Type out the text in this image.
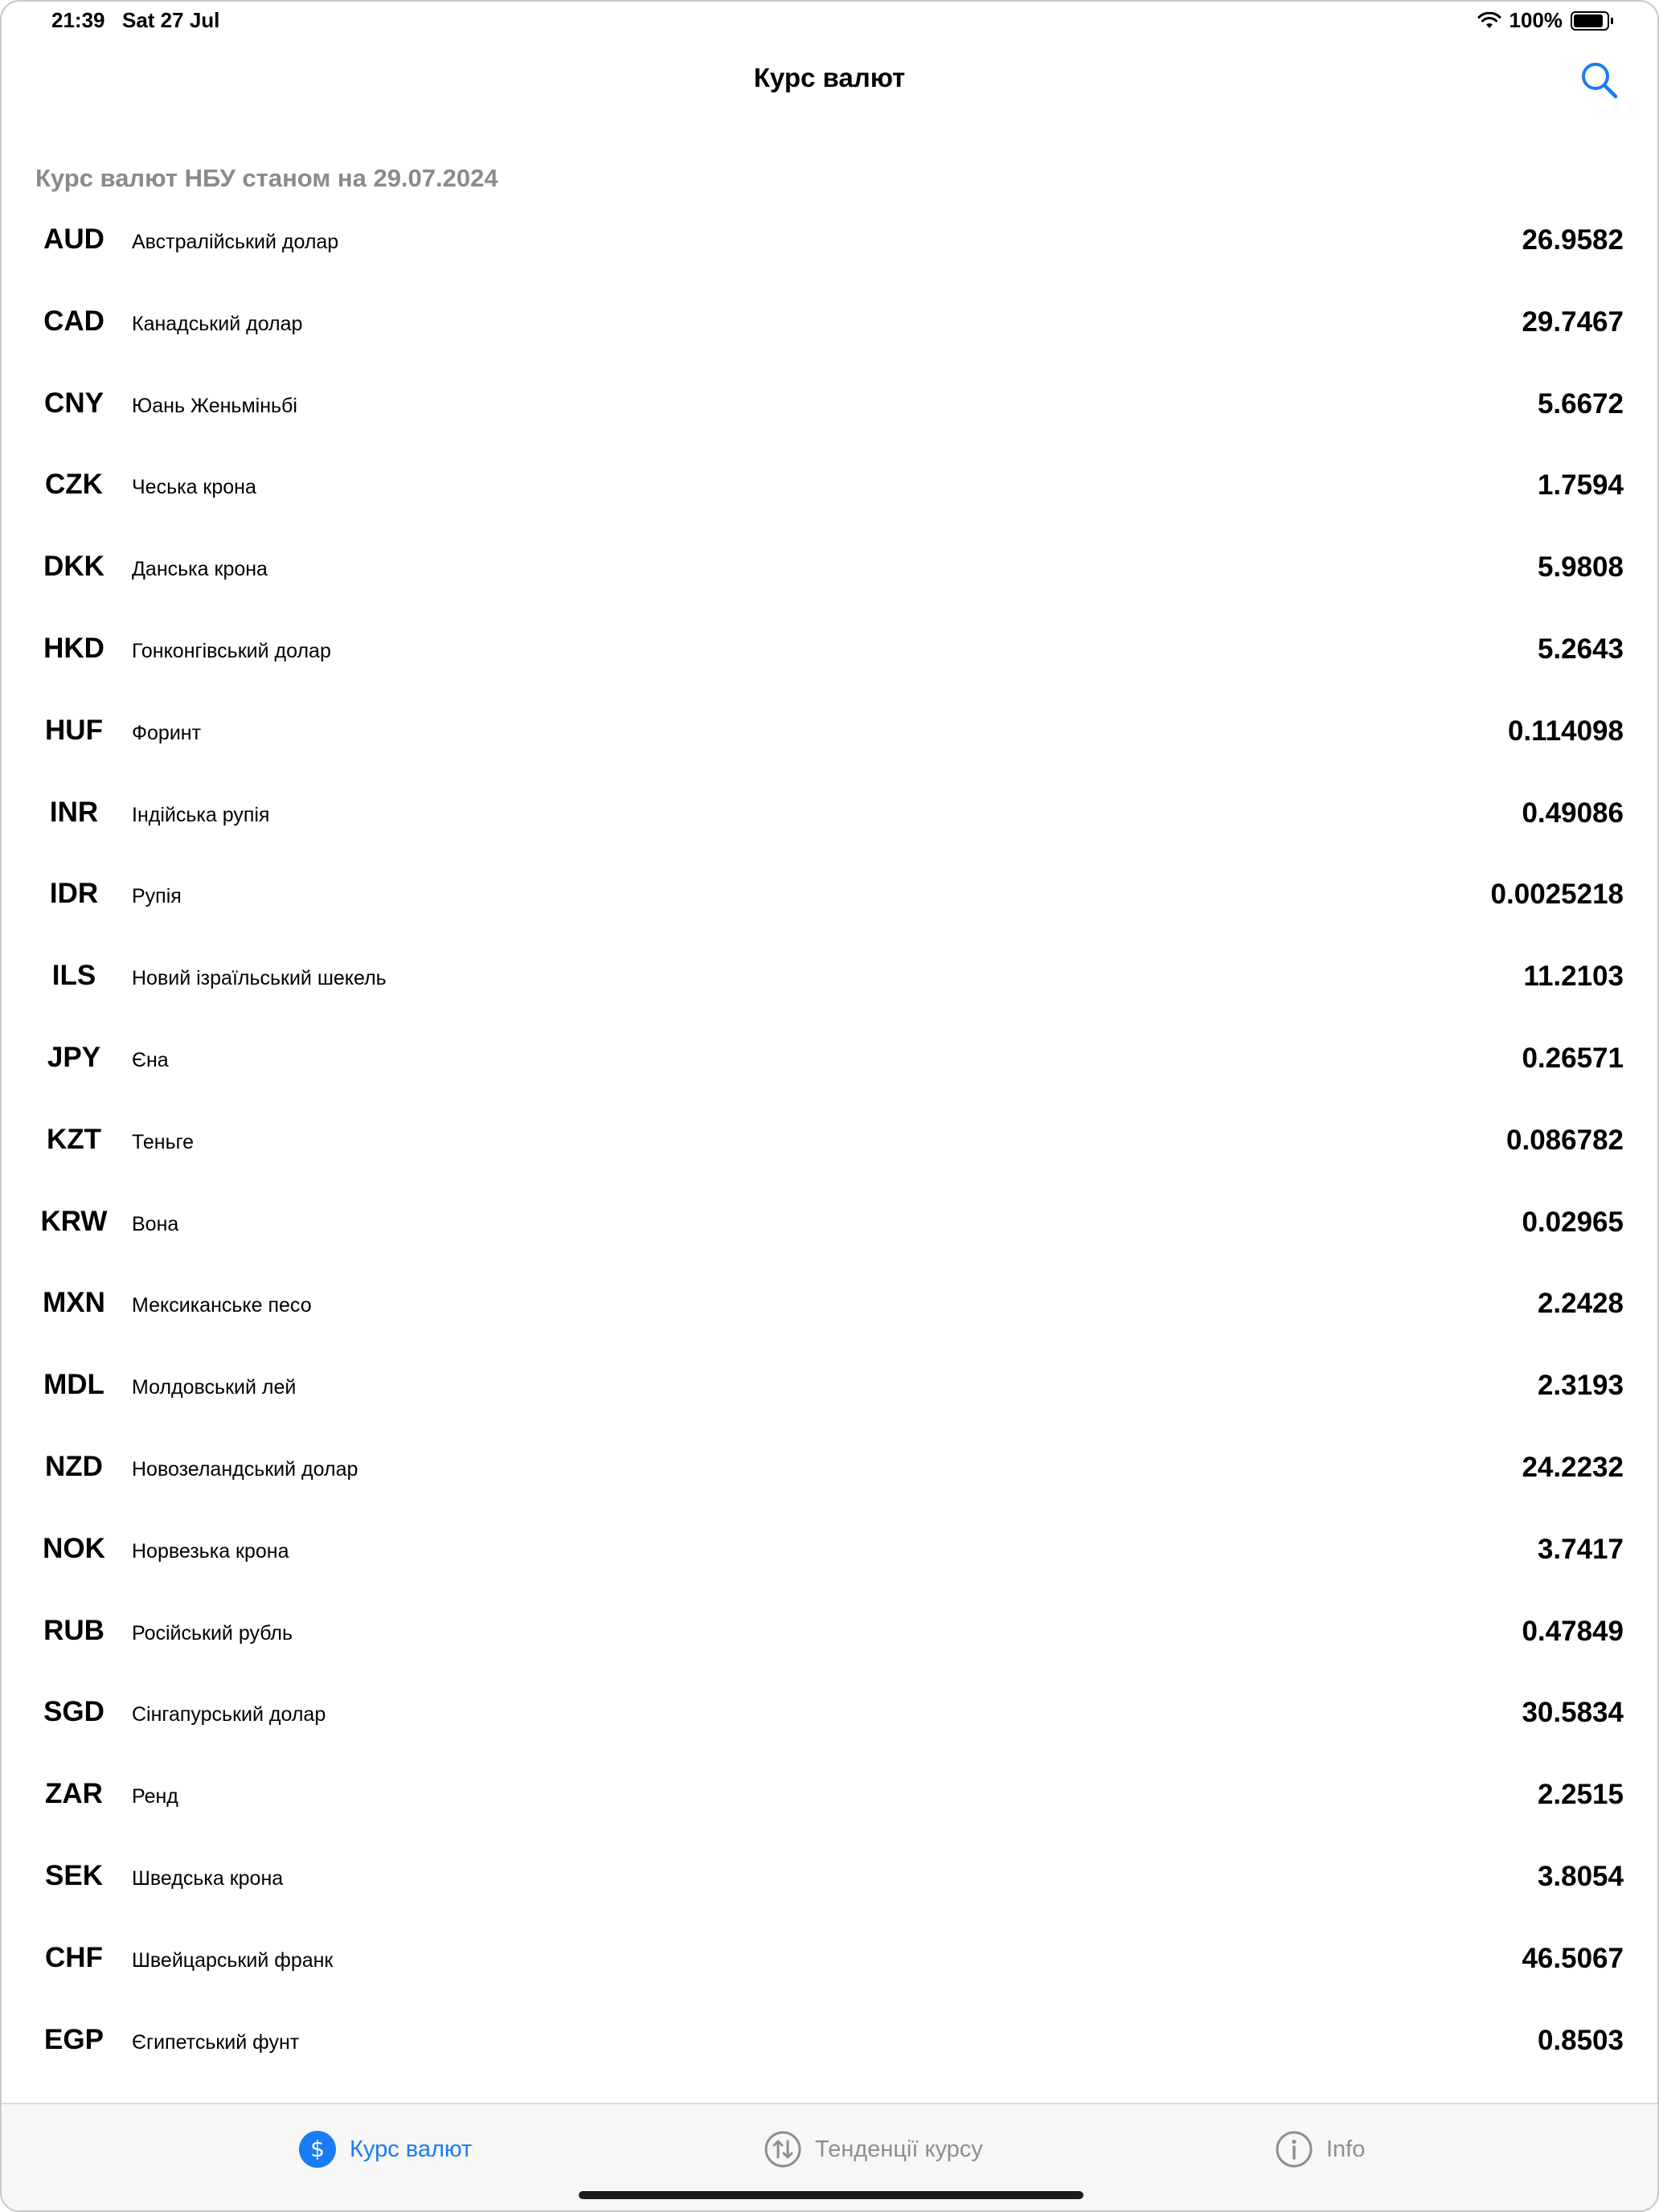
21:39 Sat 27 Jul	100%
Курс валют
Курс валют НБУ станом на 29.07.2024
AUD	Австралійський долар	26.9582
CAD	Канадський долар	29.7467
CNY	Юань Женьміньбі	5.6672
CZK	Чеська крона	1.7594
DKK	Данська крона	5.9808
HKD	Гонконгівський долар	5.2643
HUF	Форинт	0.114098
INR	Індійська рупія	0.49086
IDR	Рупія	0.0025218
ILS	Новий ізраїльський шекель	11.2103
JPY	Єна	0.26571
KZT	Теньге	0.086782
KRW	Вона	0.02965
MXN	Мексиканське песо	2.2428
MDL	Молдовський лей	2.3193
NZD	Новозеландський долар	24.2232
NOK	Норвезька крона	3.7417
RUB	Російський рубль	0.47849
SGD	Сінгапурський долар	30.5834
ZAR	Ренд	2.2515
SEK	Шведська крона	3.8054
CHF	Швейцарський франк	46.5067
EGP	Єгипетський фунт	0.8503
$ Курс валют	Тенденції курсу	Info
